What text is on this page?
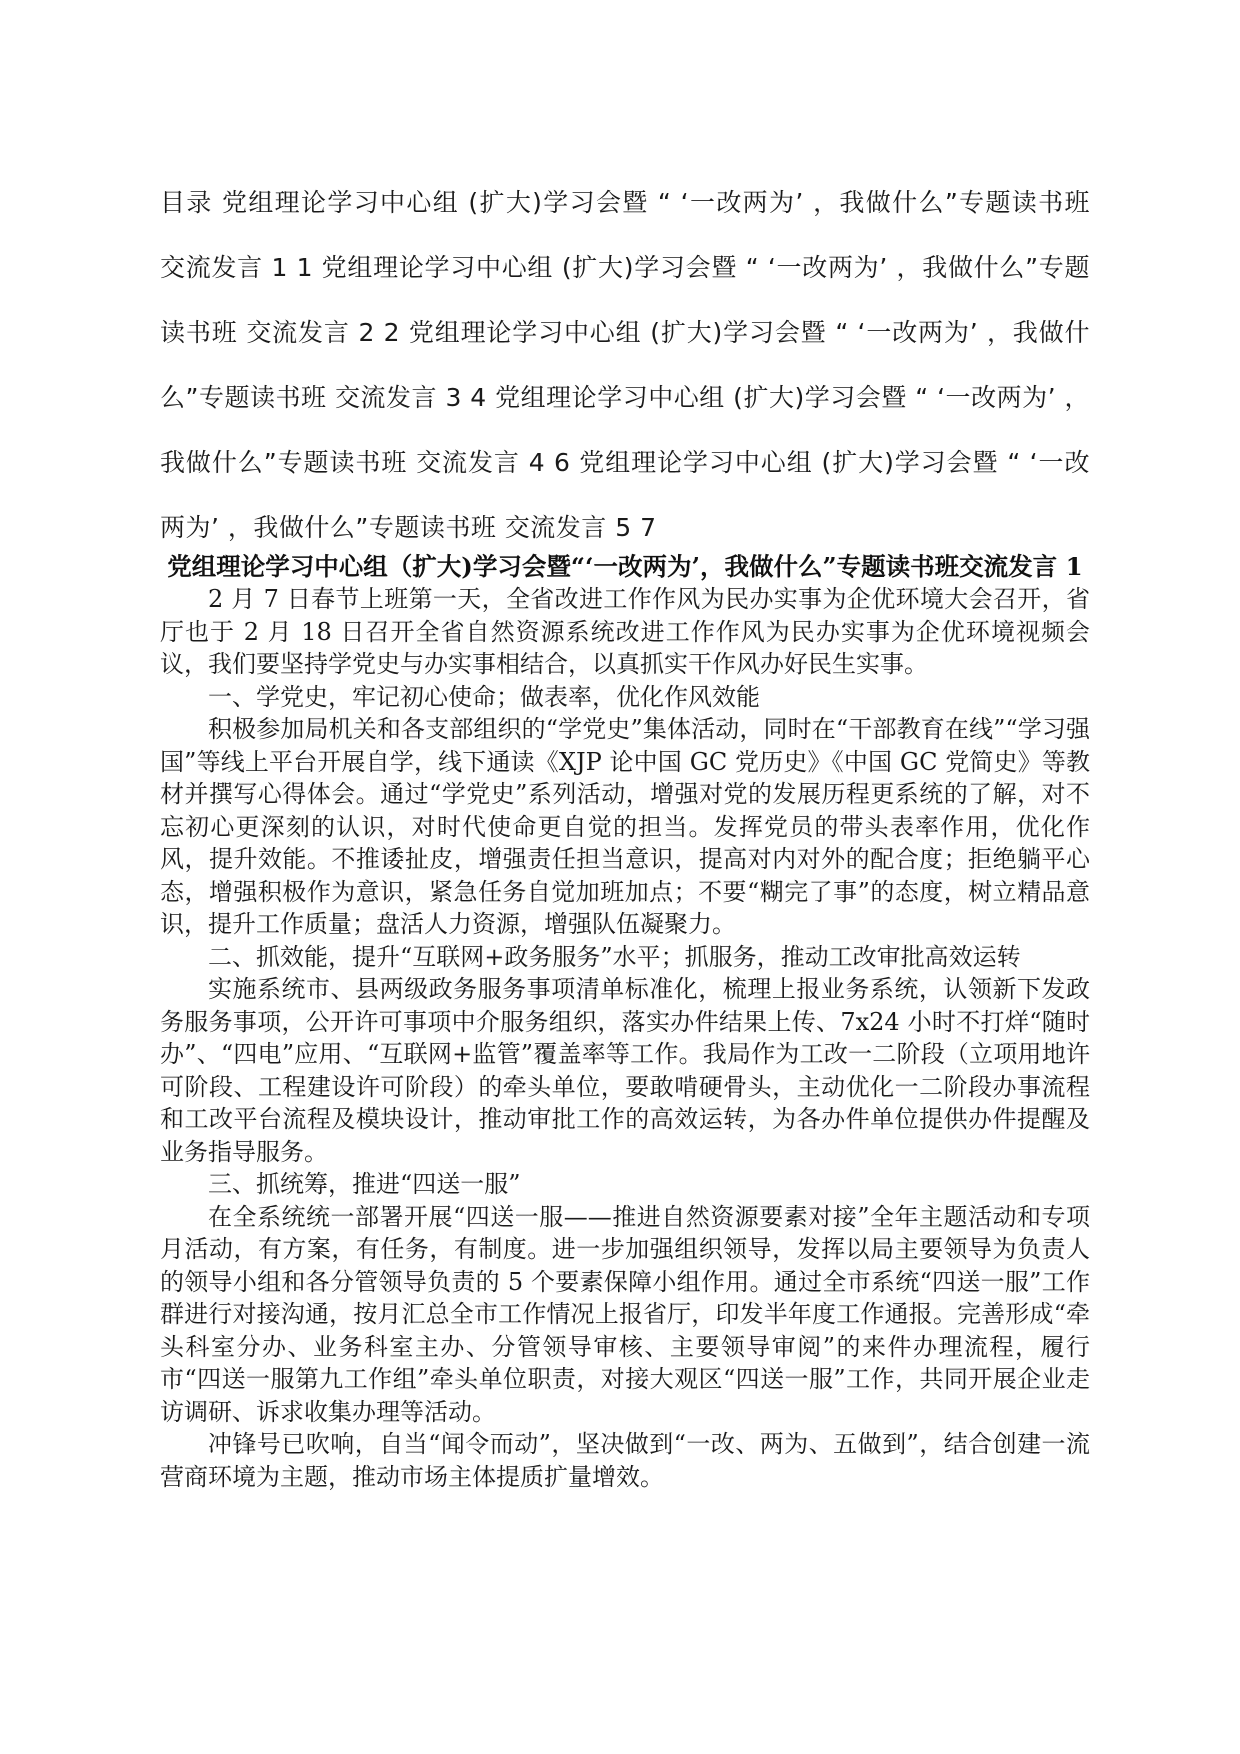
目录 党组理论学习中心组 (扩大)学习会暨 “ ‘一改两为’ ，我做什么”专题读书班 交流发言 1 1 党组理论学习中心组 (扩大)学习会暨 “ ‘一改两为’ ，我做什么”专题读书班 交流发言 2 2 党组理论学习中心组 (扩大)学习会暨 “ ‘一改两为’ ，我做什么”专题读书班 交流发言 3 4 党组理论学习中心组 (扩大)学习会暨 “ ‘一改两为’ ，我做什么”专题读书班 交流发言 4 6 党组理论学习中心组 (扩大)学习会暨 “ ‘一改两为’ ，我做什么”专题读书班 交流发言 5 7

党组理论学习中心组（扩大)学习会暨“‘一改两为’，我做什么”专题读书班交流发言 1

2 月 7 日春节上班第一天，全省改进工作作风为民办实事为企优环境大会召开，省厅也于 2 月 18 日召开全省自然资源系统改进工作作风为民办实事为企优环境视频会议，我们要坚持学党史与办实事相结合，以真抓实干作风办好民生实事。

一、学党史，牢记初心使命；做表率，优化作风效能

积极参加局机关和各支部组织的“学党史”集体活动，同时在“干部教育在线”“学习强国”等线上平台开展自学，线下通读《XJP 论中国 GC 党历史》《中国 GC 党简史》等教材并撰写心得体会。通过“学党史”系列活动，增强对党的发展历程更系统的了解，对不忘初心更深刻的认识，对时代使命更自觉的担当。发挥党员的带头表率作用，优化作风，提升效能。不推诿扯皮，增强责任担当意识，提高对内对外的配合度；拒绝躺平心态，增强积极作为意识，紧急任务自觉加班加点；不要“糊完了事”的态度，树立精品意识，提升工作质量；盘活人力资源，增强队伍凝聚力。

二、抓效能，提升“互联网+政务服务”水平；抓服务，推动工改审批高效运转

实施系统市、县两级政务服务事项清单标准化，梳理上报业务系统，认领新下发政务服务事项，公开许可事项中介服务组织，落实办件结果上传、7x24 小时不打烊“随时办”、“四电”应用、“互联网+监管”覆盖率等工作。我局作为工改一二阶段（立项用地许可阶段、工程建设许可阶段）的牵头单位，要敢啃硬骨头，主动优化一二阶段办事流程和工改平台流程及模块设计，推动审批工作的高效运转，为各办件单位提供办件提醒及业务指导服务。

三、抓统筹，推进“四送一服”

在全系统统一部署开展“四送一服——推进自然资源要素对接”全年主题活动和专项月活动，有方案，有任务，有制度。进一步加强组织领导，发挥以局主要领导为负责人的领导小组和各分管领导负责的 5 个要素保障小组作用。通过全市系统“四送一服”工作群进行对接沟通，按月汇总全市工作情况上报省厅，印发半年度工作通报。完善形成“牵头科室分办、业务科室主办、分管领导审核、主要领导审阅”的来件办理流程，履行市“四送一服第九工作组”牵头单位职责，对接大观区“四送一服”工作，共同开展企业走访调研、诉求收集办理等活动。

冲锋号已吹响，自当“闻令而动”，坚决做到“一改、两为、五做到”，结合创建一流营商环境为主题，推动市场主体提质扩量增效。
